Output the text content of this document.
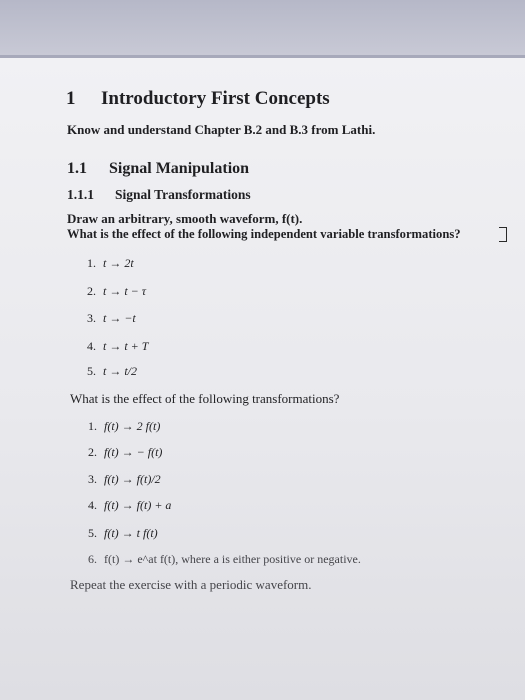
1 Introductory First Concepts
Know and understand Chapter B.2 and B.3 from Lathi.
1.1 Signal Manipulation
1.1.1 Signal Transformations
Draw an arbitrary, smooth waveform, f(t).
What is the effect of the following independent variable transformations?
1. t → 2t
2. t → t − τ
3. t → −t
4. t → t + T
5. t → t/2
What is the effect of the following transformations?
1. f(t) → 2 f(t)
2. f(t) → − f(t)
3. f(t) → f(t)/2
4. f(t) → f(t) + a
5. f(t) → t f(t)
6. f(t) → e^at f(t), where a is either positive or negative.
Repeat the exercise with a periodic waveform.
